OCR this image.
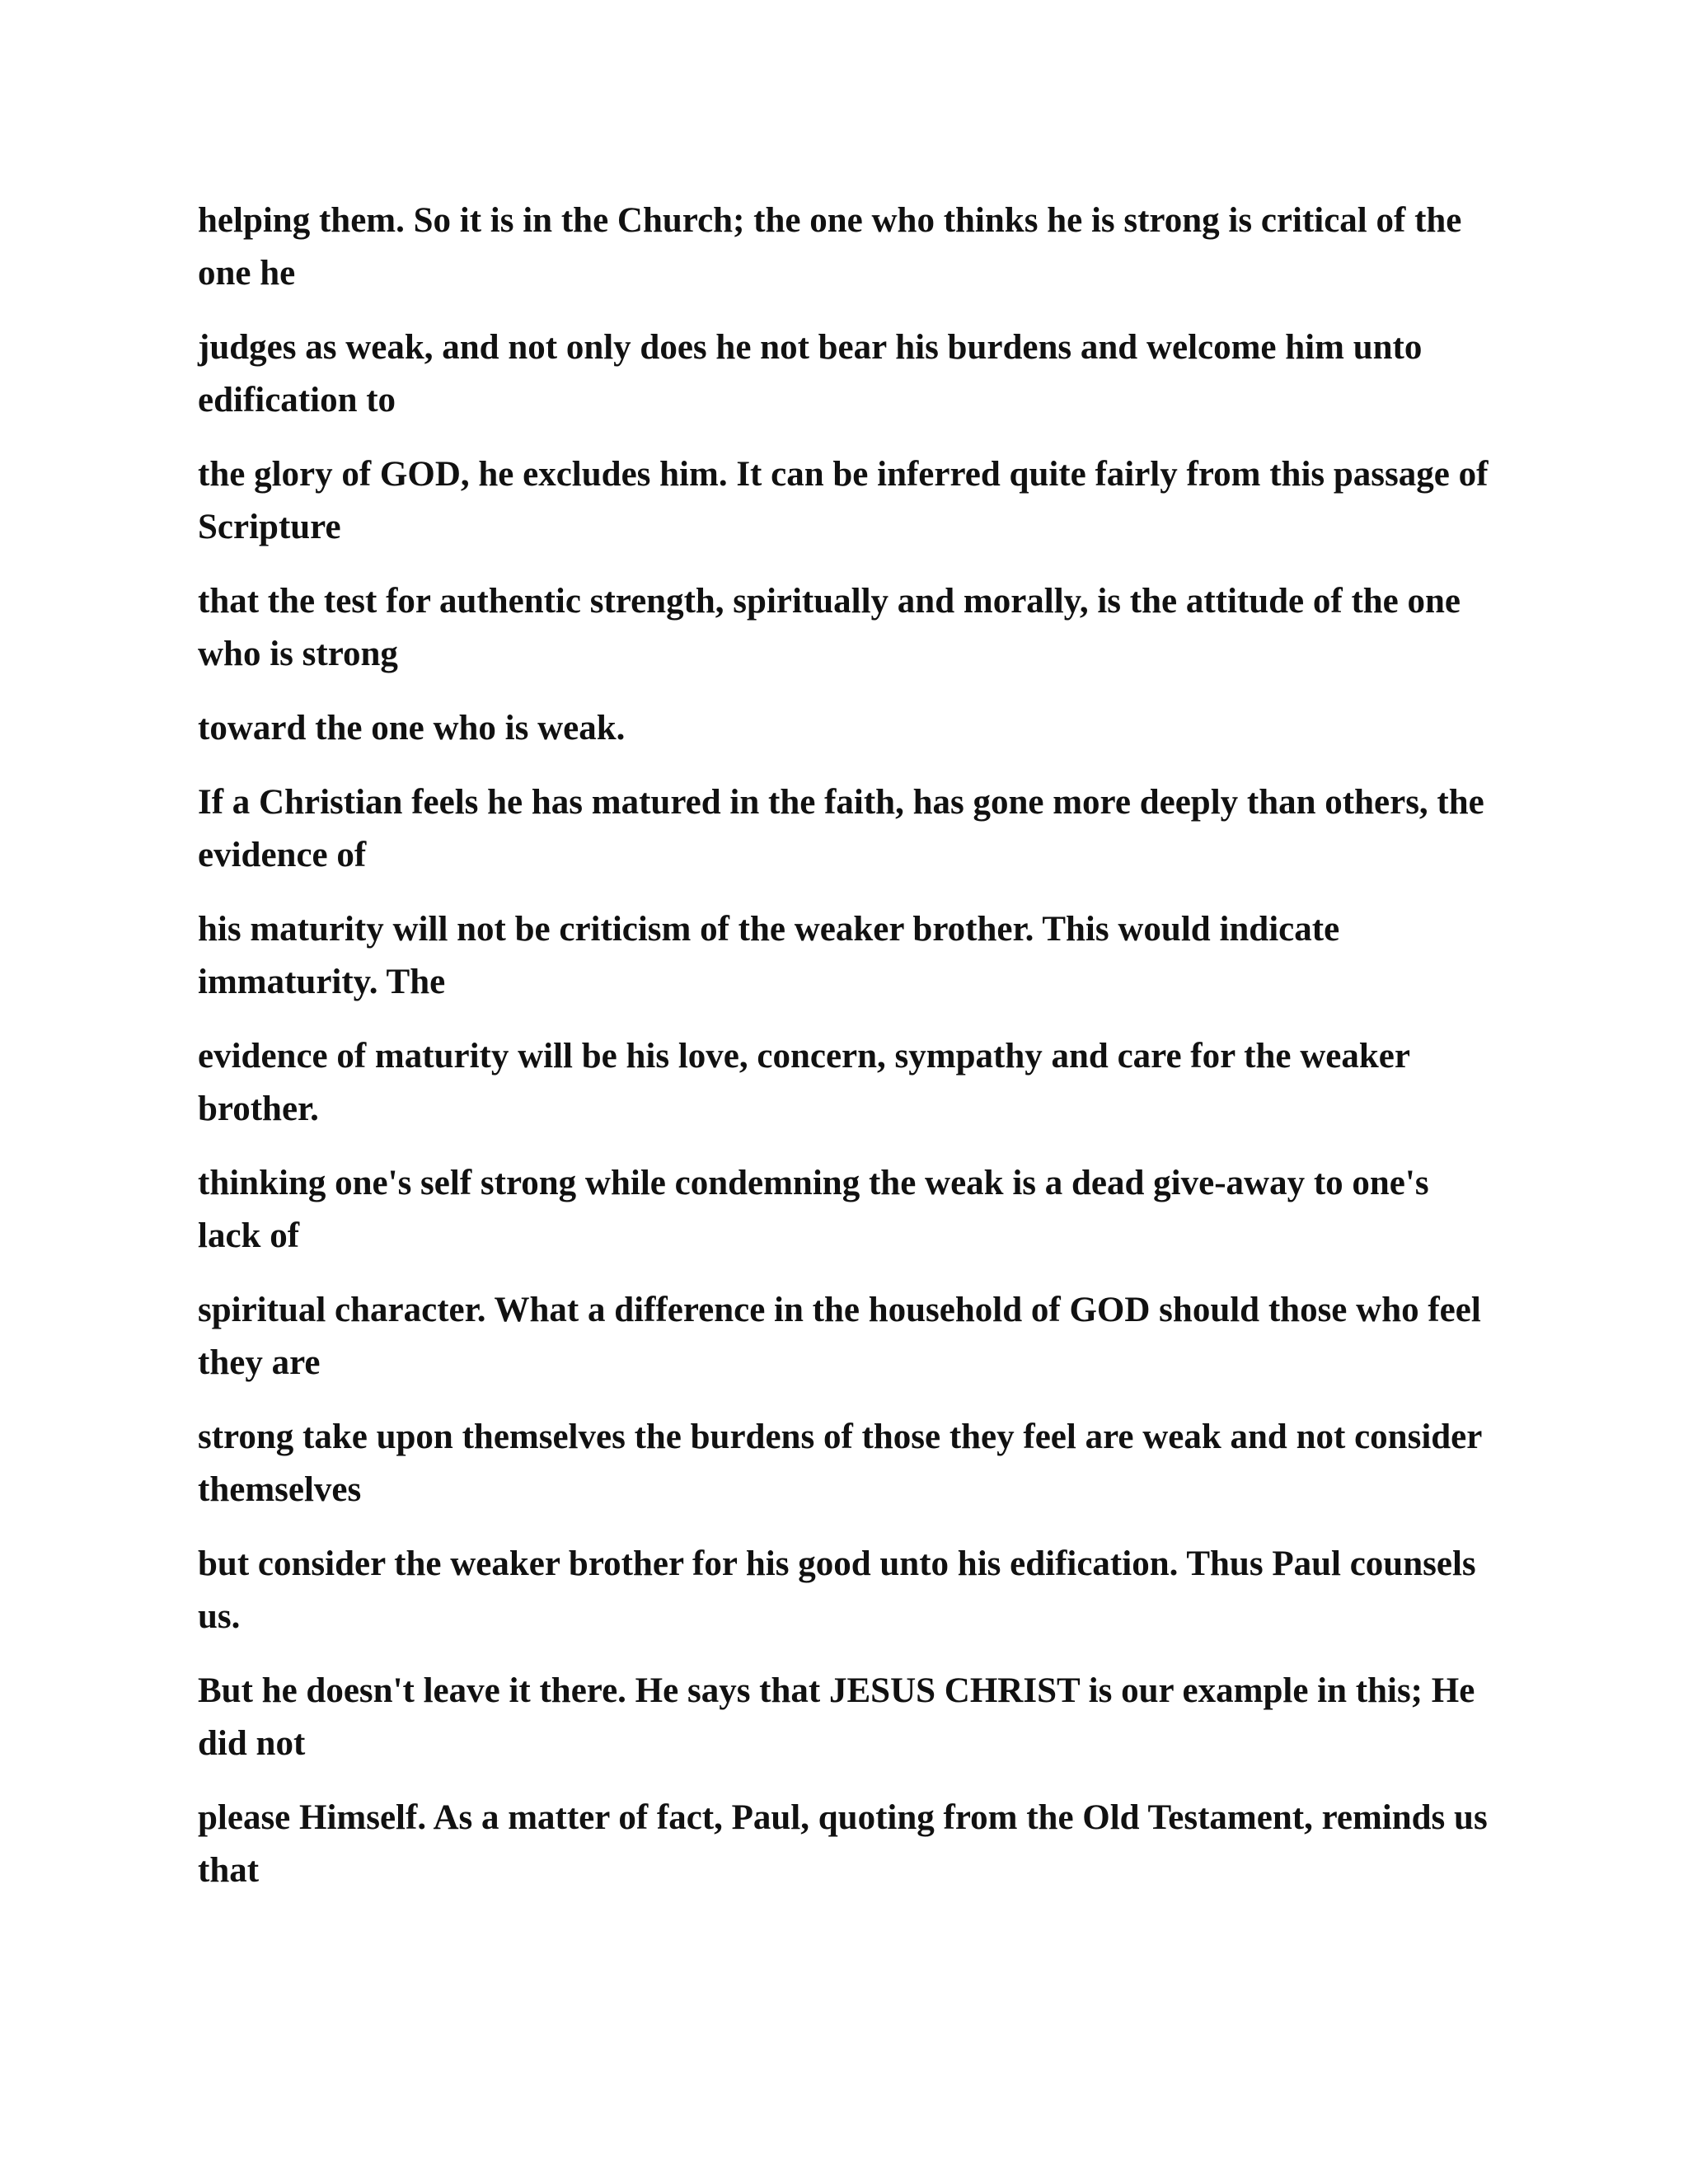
helping them. So it is in the Church; the one who thinks he is strong is critical of the one he

judges as weak, and not only does he not bear his burdens and welcome him unto edification to

the glory of GOD, he excludes him. It can be inferred quite fairly from this passage of Scripture

that the test for authentic strength, spiritually and morally, is the attitude of the one who is strong

toward the one who is weak.

If a Christian feels he has matured in the faith, has gone more deeply than others, the evidence of

his maturity will not be criticism of the weaker brother. This would indicate immaturity. The

evidence of maturity will be his love, concern, sympathy and care for the weaker brother.

thinking one's self strong while condemning the weak is a dead give-away to one's lack of

spiritual character. What a difference in the household of GOD should those who feel they are

strong take upon themselves the burdens of those they feel are weak and not consider themselves

but consider the weaker brother for his good unto his edification. Thus Paul counsels us.

But he doesn't leave it there. He says that JESUS CHRIST is our example in this; He did not

please Himself. As a matter of fact, Paul, quoting from the Old Testament, reminds us that
